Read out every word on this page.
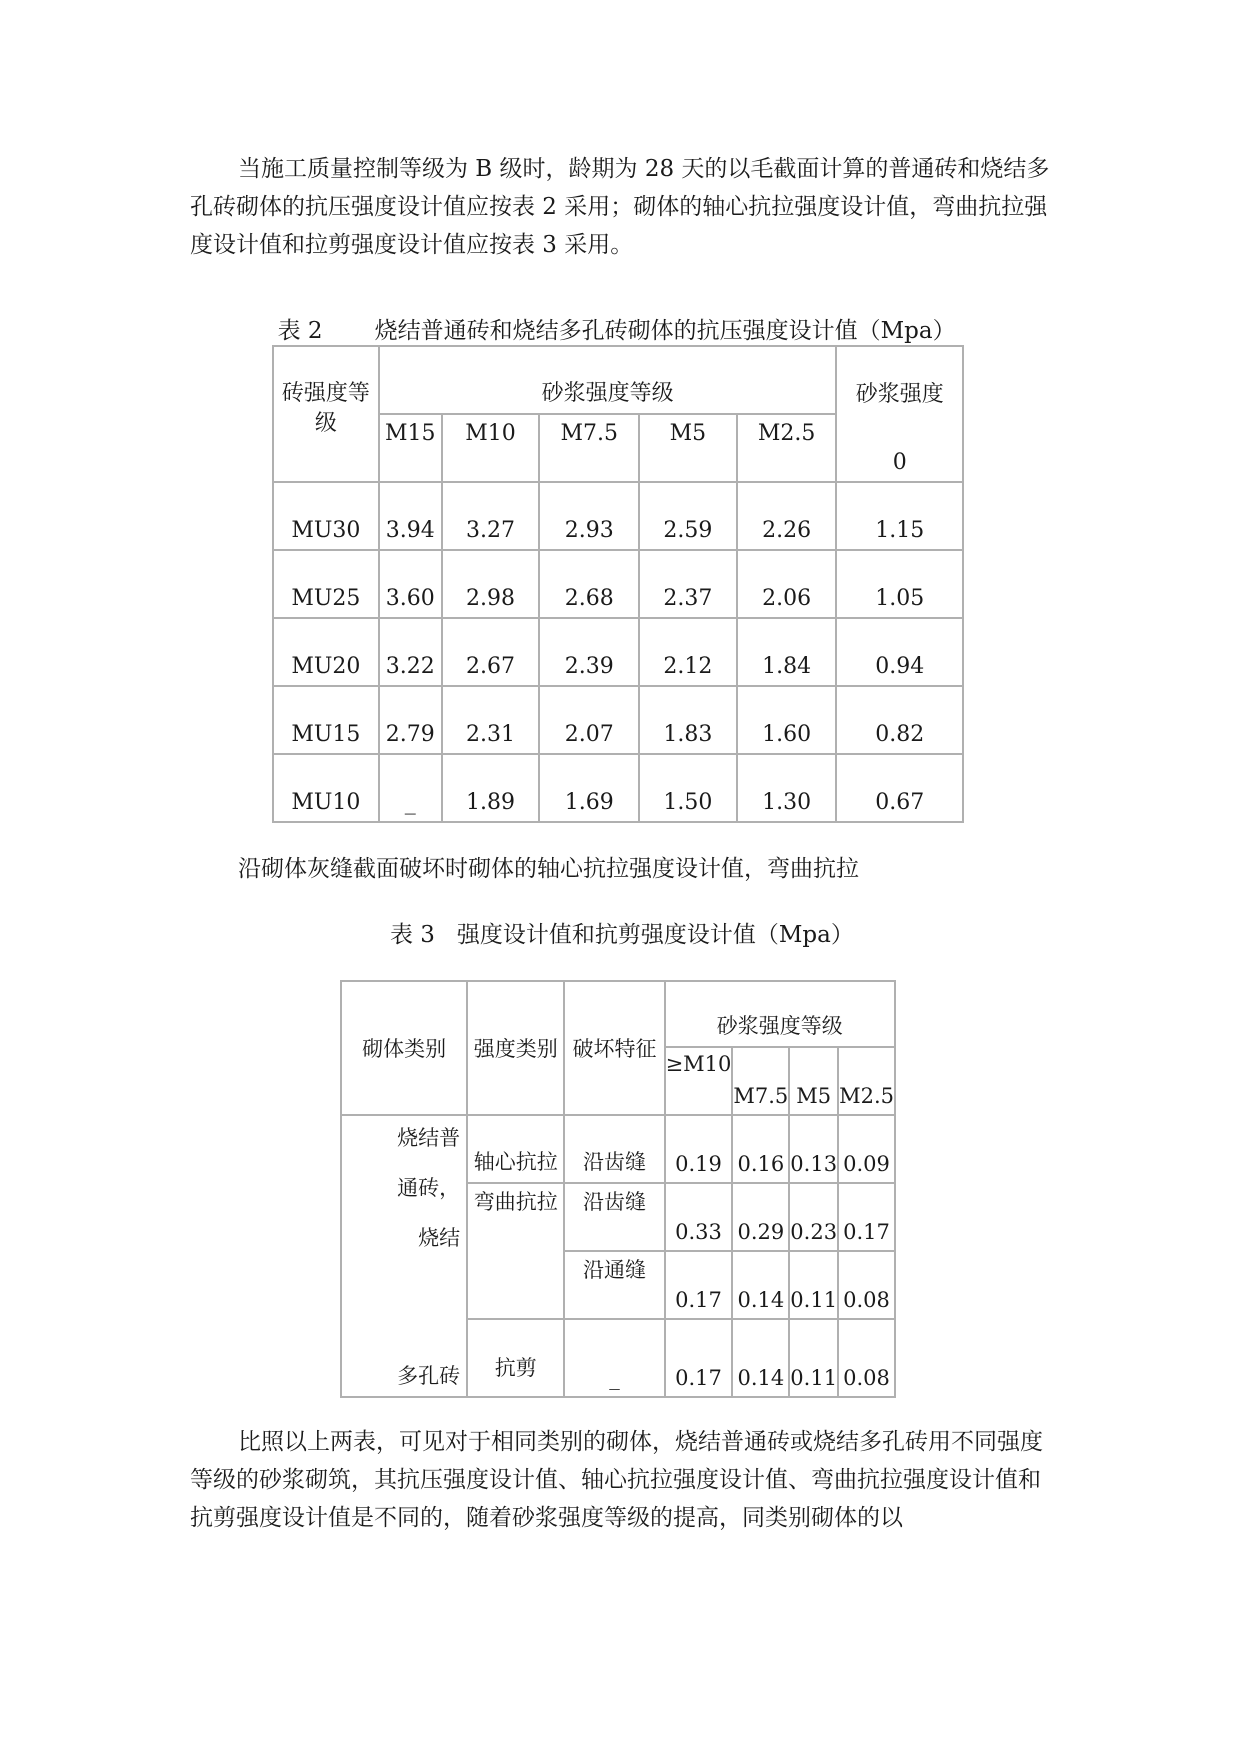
当施工质量控制等级为 B 级时，龄期为 28 天的以毛截面计算的普通砖和烧结多孔砖砌体的抗压强度设计值应按表 2 采用；砌体的轴心抗拉强度设计值，弯曲抗拉强度设计值和拉剪强度设计值应按表 3 采用。

表 2 烧结普通砖和烧结多孔砖砌体的抗压强度设计值（Mpa）

砖强度等级	砂浆强度等级					砂浆强度
	M15	M10	M7.5	M5	M2.5	0
MU30	3.94	3.27	2.93	2.59	2.26	1.15
MU25	3.60	2.98	2.68	2.37	2.06	1.05
MU20	3.22	2.67	2.39	2.12	1.84	0.94
MU15	2.79	2.31	2.07	1.83	1.60	0.82
MU10	_	1.89	1.69	1.50	1.30	0.67

沿砌体灰缝截面破坏时砌体的轴心抗拉强度设计值，弯曲抗拉

表 3   强度设计值和抗剪强度设计值（Mpa）
砌体类别	强度类别	破坏特征	砂浆强度等级			
			≥M10	M7.5	M5	M2.5

烧结普
通砖，
烧结	轴心抗拉	沿齿缝	0.19	0.16	0.13	0.09
	弯曲抗拉	沿齿缝	0.33	0.29	0.23	0.17
		沿通缝	0.17	0.14	0.11	0.08
多孔砖	抗剪	_	0.17	0.14	0.11	0.08

比照以上两表，可见对于相同类别的砌体，烧结普通砖或烧结多孔砖用不同强度等级的砂浆砌筑，其抗压强度设计值、轴心抗拉强度设计值、弯曲抗拉强度设计值和抗剪强度设计值是不同的，随着砂浆强度等级的提高，同类别砌体的以
